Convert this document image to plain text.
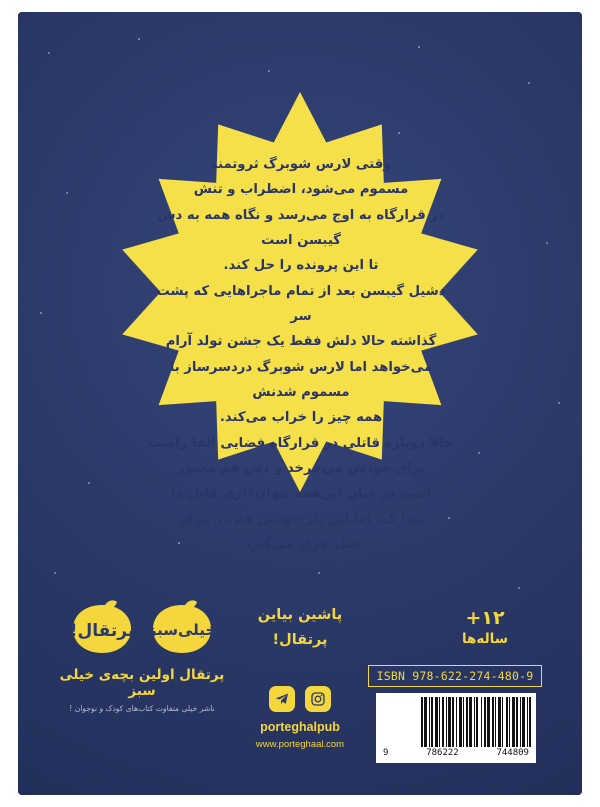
وقتی لارس شوبرگ ثروتمند

مسموم می‌شود، اضطراب و تنش

در قرارگاه به اوج می‌رسد و نگاه همه به دش گیبسن است

تا این پرونده را حل کند.

دشیل گیبسن بعد از تمام ماجراهایی که پشت سر

گذاشته حالا دلش فقط یک جشن تولد آرام

می‌خواهد اما لارس شوبرگ دردسرساز با مسموم شدنش

همه چیز را خراب می‌کند.

حالا دوباره قاتلی در قرارگاه فضایی آلفا راست

برای خودش می‌چرخد و دش هم مجبور

است در میان این‌همه پنهان‌کاری قاتل را

پیدا کند اما این بار خودش هم در مرکز

خطر قرار می‌گیرد.

۱۲+
ساله‌ها
ISBN 978-622-274-480-9
9	786222	744809
پاشین بیاین
پرتقال!
porteghalpub
www.porteghaal.com
خیلی‌سبز
پرتقال!
پرتقال اولین بچه‌ی خیلی سبز
ناشر خیلی متفاوت کتاب‌های کودک و نوجوان !
